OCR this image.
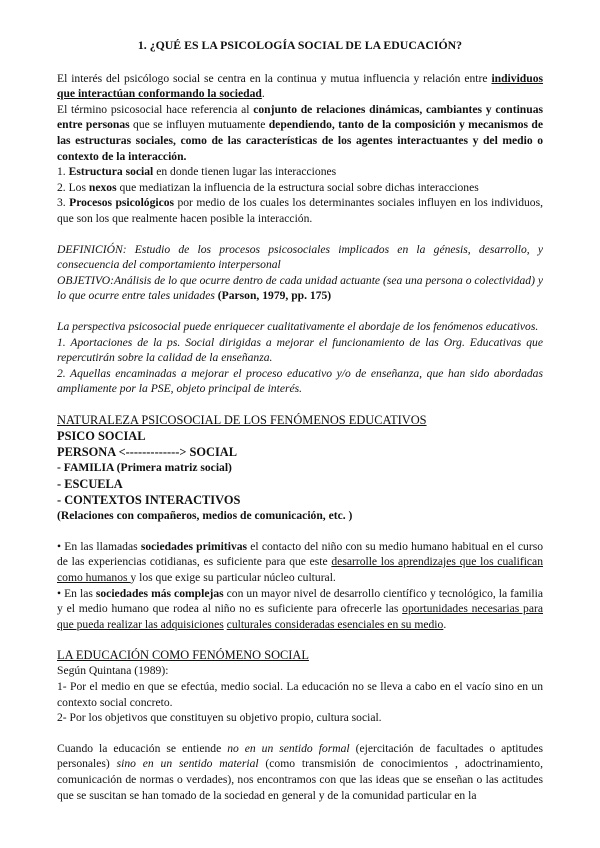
1. ¿QUÉ ES LA PSICOLOGÍA SOCIAL DE LA EDUCACIÓN?

El interés del psicólogo social se centra en la continua y mutua influencia y relación entre individuos que interactúan conformando la sociedad.

El término psicosocial hace referencia al conjunto de relaciones dinámicas, cambiantes y continuas entre personas que se influyen mutuamente dependiendo, tanto de la composición y mecanismos de las estructuras sociales, como de las características de los agentes interactuantes y del medio o contexto de la interacción.

1. Estructura social en donde tienen lugar las interacciones

2. Los nexos que mediatizan la influencia de la estructura social sobre dichas interacciones

3. Procesos psicológicos por medio de los cuales los determinantes sociales influyen en los individuos, que son los que realmente hacen posible la interacción.

DEFINICIÓN: Estudio de los procesos psicosociales implicados en la génesis, desarrollo, y consecuencia del comportamiento interpersonal

OBJETIVO:Análisis de lo que ocurre dentro de cada unidad actuante (sea una persona o colectividad) y lo que ocurre entre tales unidades (Parson, 1979, pp. 175)

La perspectiva psicosocial puede enriquecer cualitativamente el abordaje de los fenómenos educativos.

1. Aportaciones de la ps. Social dirigidas a mejorar el funcionamiento de las Org. Educativas que repercutirán sobre la calidad de la enseñanza.

2. Aquellas encaminadas a mejorar el proceso educativo y/o de enseñanza, que han sido abordadas ampliamente por la PSE, objeto principal de interés.

NATURALEZA PSICOSOCIAL DE LOS FENÓMENOS EDUCATIVOS

PSICO SOCIAL

PERSONA <-------------> SOCIAL

- FAMILIA (Primera matriz social)

- ESCUELA

- CONTEXTOS INTERACTIVOS

(Relaciones con compañeros, medios de comunicación, etc. )

• En las llamadas sociedades primitivas el contacto del niño con su medio humano habitual en el curso de las experiencias cotidianas, es suficiente para que este desarrolle los aprendizajes que los cualifican como humanos y los que exige su particular núcleo cultural.

• En las sociedades más complejas con un mayor nivel de desarrollo científico y tecnológico, la familia y el medio humano que rodea al niño no es suficiente para ofrecerle las oportunidades necesarias para que pueda realizar las adquisiciones culturales consideradas esenciales en su medio.

LA EDUCACIÓN COMO FENÓMENO SOCIAL

Según Quintana (1989):

1- Por el medio en que se efectúa, medio social. La educación no se lleva a cabo en el vacío sino en un contexto social concreto.

2- Por los objetivos que constituyen su objetivo propio, cultura social.

Cuando la educación se entiende no en un sentido formal (ejercitación de facultades o aptitudes personales) sino en un sentido material (como transmisión de conocimientos , adoctrinamiento, comunicación de normas o verdades), nos encontramos con que las ideas que se enseñan o las actitudes que se suscitan se han tomado de la sociedad en general y de la comunidad particular en la
